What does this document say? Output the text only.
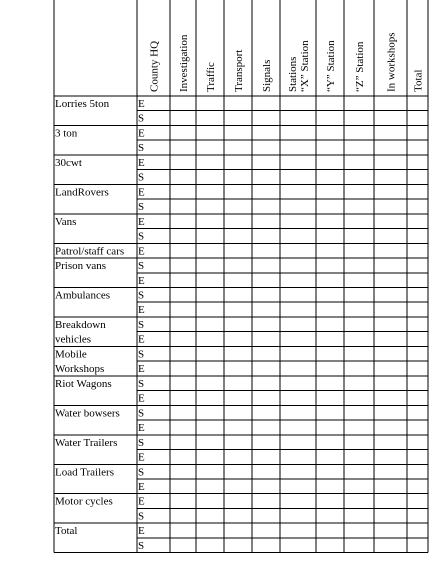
County HQ Investigation Traffic Transport Signals Stations “X” Station “Y” Station “Z” Station In workshops Total
Lorries 5ton
3 ton
30cwt
LandRovers
Vans
Patrol/staff cars
Prison vans
Ambulances
Breakdown
vehicles
Mobile
Workshops
Riot Wagons
Water bowsers
Water Trailers
Load Trailers
Motor cycles
Total
E
S
E
S
E
S
E
S
E
S
E
S
E
S
E
S
E
S
E
S
E
S
E
S
E
S
E
E
S
E
S
